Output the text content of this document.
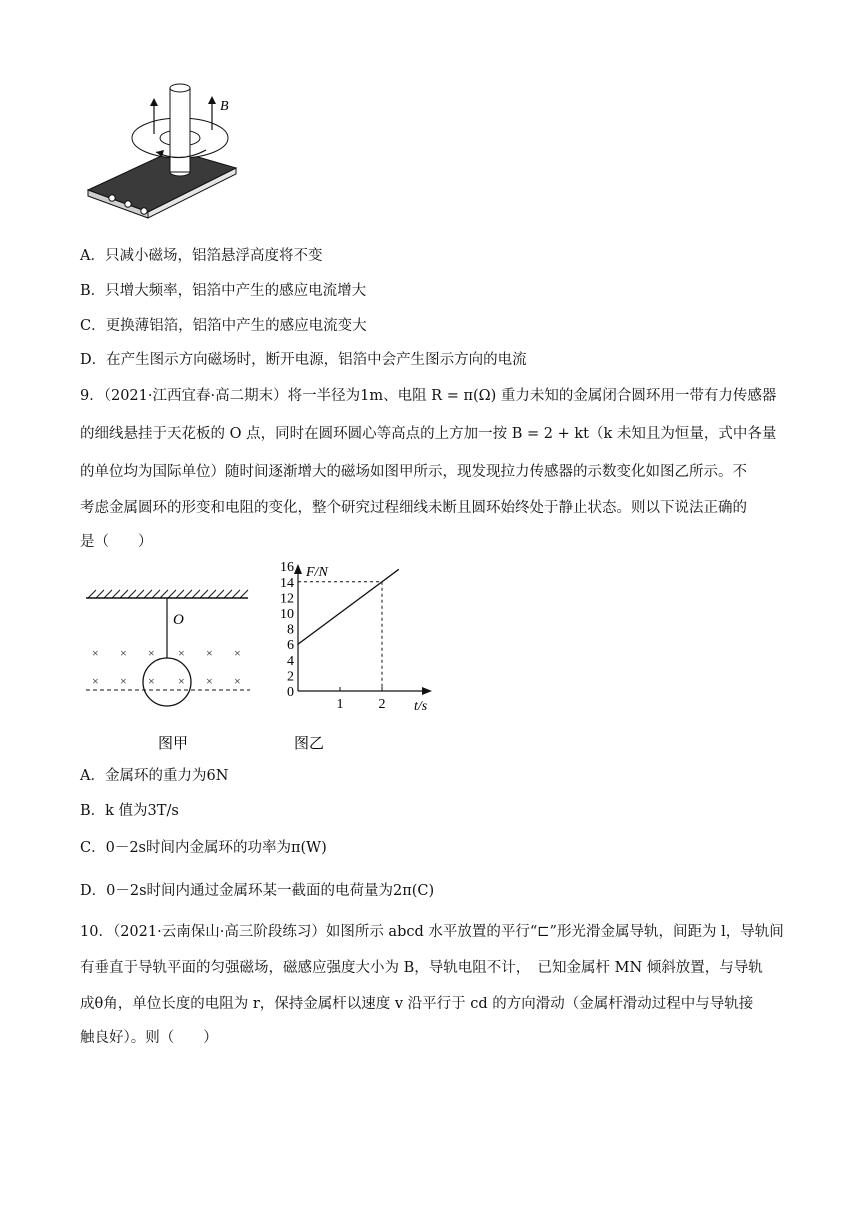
B
A．只减小磁场，铝箔悬浮高度将不变
B．只增大频率，铝箔中产生的感应电流增大
C．更换薄铝箔，铝箔中产生的感应电流变大
D．在产生图示方向磁场时，断开电源，铝箔中会产生图示方向的电流
9．（2021·江西宜春·高二期末）将一半径为1m、电阻 R = π(Ω) 重力未知的金属闭合圆环用一带有力传感器
的细线悬挂于天花板的 O 点，同时在圆环圆心等高点的上方加一按 B = 2 + kt（k 未知且为恒量，式中各量
的单位均为国际单位）随时间逐渐增大的磁场如图甲所示，现发现拉力传感器的示数变化如图乙所示。不
考虑金属圆环的形变和电阻的变化，整个研究过程细线未断且圆环始终处于静止状态。则以下说法正确的
是（　　）
O
× × × × × ×
× × × × × ×
图甲
0
2
4
6
8
10
12
14
16
1	2
F/N
t/s
图乙
A．金属环的重力为6N
B．k 值为3T/s
C．0－2s时间内金属环的功率为π(W)
D．0－2s时间内通过金属环某一截面的电荷量为2π(C)
10．（2021·云南保山·高三阶段练习）如图所示 abcd 水平放置的平行“⊏”形光滑金属导轨，间距为 l，导轨间
有垂直于导轨平面的匀强磁场，磁感应强度大小为 B，导轨电阻不计，　已知金属杆 MN 倾斜放置，与导轨
成θ角，单位长度的电阻为 r，保持金属杆以速度 v 沿平行于 cd 的方向滑动（金属杆滑动过程中与导轨接
触良好）。则（　　）
